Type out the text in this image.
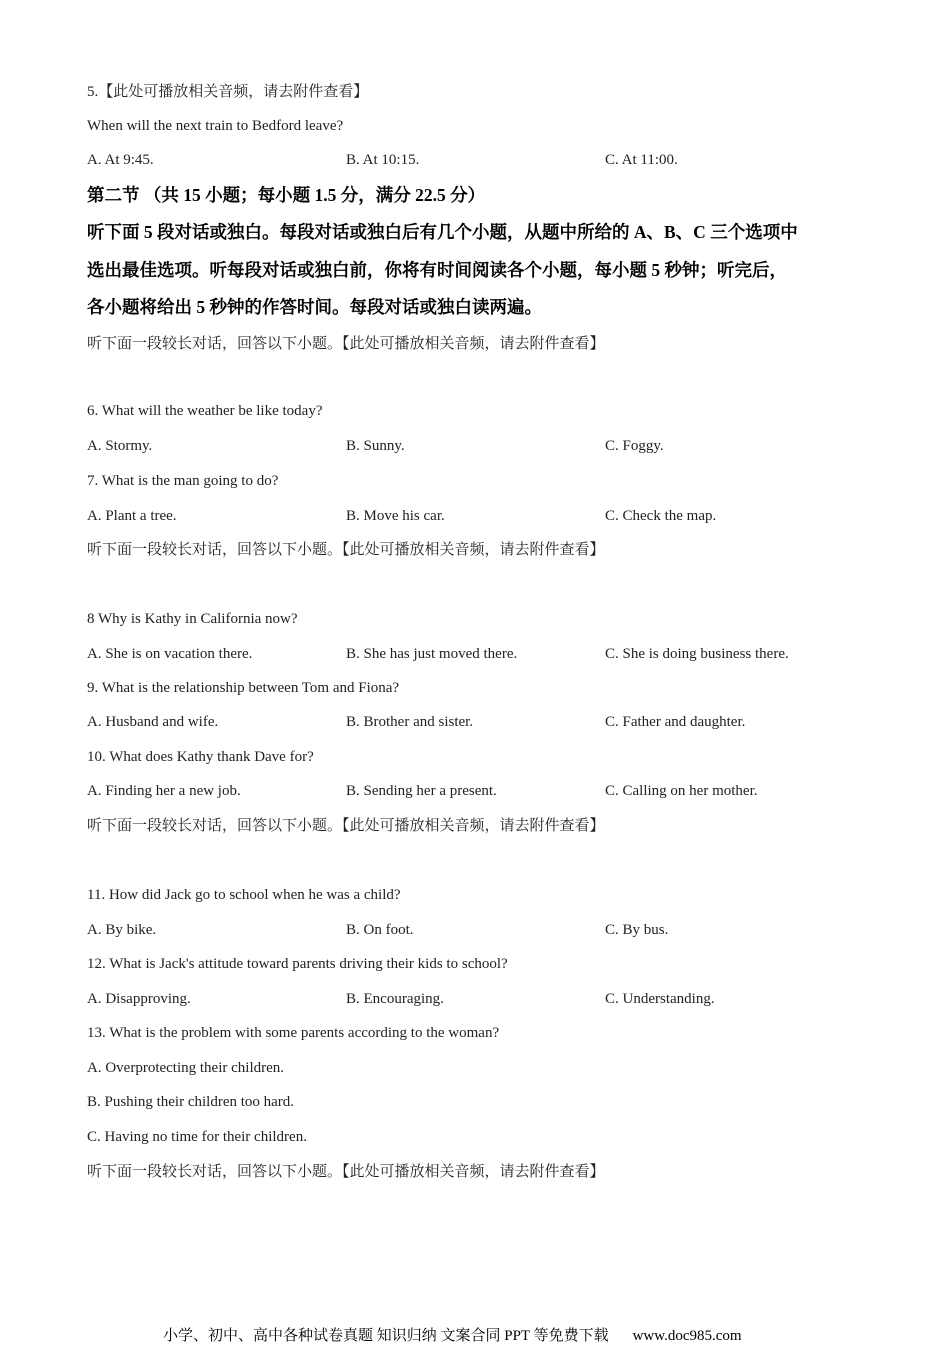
5.【此处可播放相关音频，请去附件查看】
When will the next train to Bedford leave?
A. At 9:45.	B. At 10:15.	C. At 11:00.
第二节 （共 15 小题；每小题 1.5 分，满分 22.5 分）
听下面 5 段对话或独白。每段对话或独白后有几个小题，从题中所给的 A、B、C 三个选项中
选出最佳选项。听每段对话或独白前，你将有时间阅读各个小题，每小题 5 秒钟；听完后，
各小题将给出 5 秒钟的作答时间。每段对话或独白读两遍。
听下面一段较长对话，回答以下小题。【此处可播放相关音频，请去附件查看】
6. What will the weather be like today?
A. Stormy.	B. Sunny.	C. Foggy.
7. What is the man going to do?
A. Plant a tree.	B. Move his car.	C. Check the map.
听下面一段较长对话，回答以下小题。【此处可播放相关音频，请去附件查看】
8 Why is Kathy in California now?
A. She is on vacation there.	B. She has just moved there.	C. She is doing business there.
9. What is the relationship between Tom and Fiona?
A. Husband and wife.	B. Brother and sister.	C. Father and daughter.
10. What does Kathy thank Dave for?
A. Finding her a new job.	B. Sending her a present.	C. Calling on her mother.
听下面一段较长对话，回答以下小题。【此处可播放相关音频，请去附件查看】
11. How did Jack go to school when he was a child?
A. By bike.	B. On foot.	C. By bus.
12. What is Jack's attitude toward parents driving their kids to school?
A. Disapproving.	B. Encouraging.	C. Understanding.
13. What is the problem with some parents according to the woman?
A. Overprotecting their children.
B. Pushing their children too hard.
C. Having no time for their children.
听下面一段较长对话，回答以下小题。【此处可播放相关音频，请去附件查看】
小学、初中、高中各种试卷真题 知识归纳 文案合同 PPT 等免费下载 www.doc985.com
